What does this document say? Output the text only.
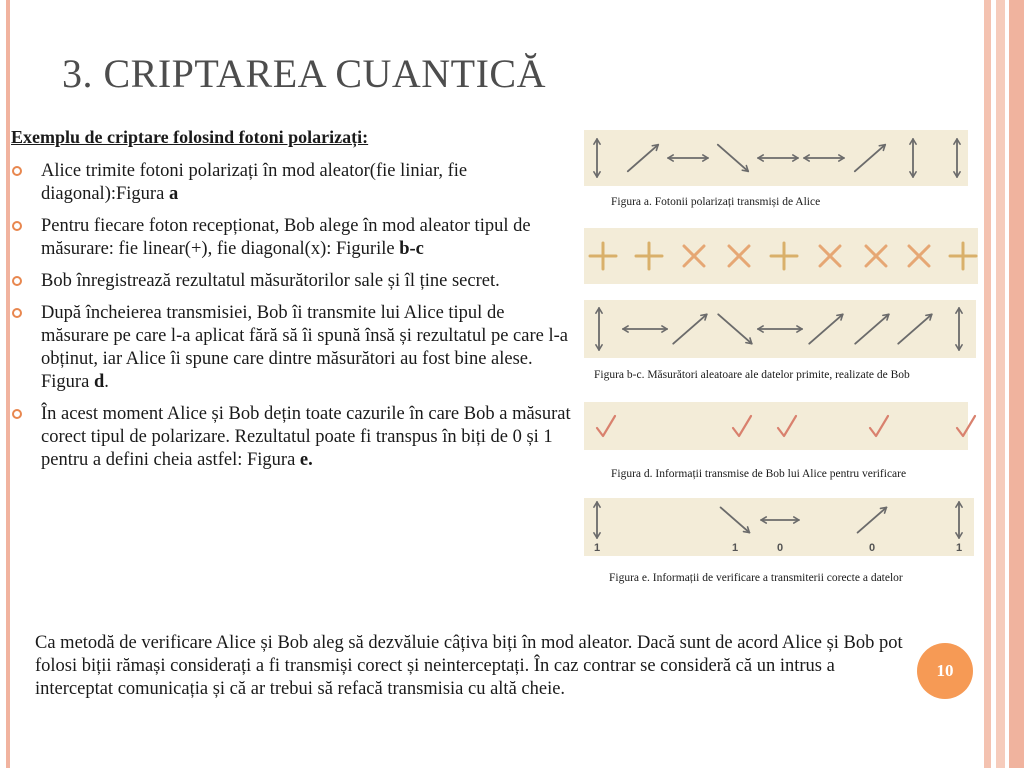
3. CRIPTAREA CUANTICĂ

Exemplu de criptare folosind fotoni polarizați:

Alice trimite fotoni polarizați în mod aleator(fie liniar, fie diagonal):Figura a
Pentru fiecare foton recepționat, Bob alege în mod aleator tipul de măsurare: fie linear(+), fie diagonal(x): Figurile b-c
Bob înregistrează rezultatul măsurătorilor sale și îl ține secret.
După încheierea transmisiei, Bob îi transmite lui Alice tipul de măsurare pe care l-a aplicat fără să îi spună însă și rezultatul pe care l-a obținut, iar Alice îi spune care dintre măsurători au fost bine alese. Figura d.
În acest moment Alice și Bob dețin toate cazurile în care Bob a măsurat corect tipul de polarizare. Rezultatul poate fi transpus în biți de 0 și 1 pentru a defini cheia astfel: Figura e.
Figura a. Fotonii polarizați transmiși de Alice
Figura b-c. Măsurători aleatoare ale datelor primite, realizate de Bob
Figura d. Informații transmise de Bob lui Alice pentru verificare
Figura e. Informații de verificare a transmiterii corecte a datelor
1	1	0	0	1

Ca metodă de verificare Alice și Bob aleg să dezvăluie câțiva biți în mod aleator. Dacă sunt de acord Alice și Bob pot folosi biții rămași considerați a fi transmiși corect și neinterceptați. În caz contrar se consideră că un intrus a interceptat comunicația și că ar trebui să refacă transmisia cu altă cheie.

10
